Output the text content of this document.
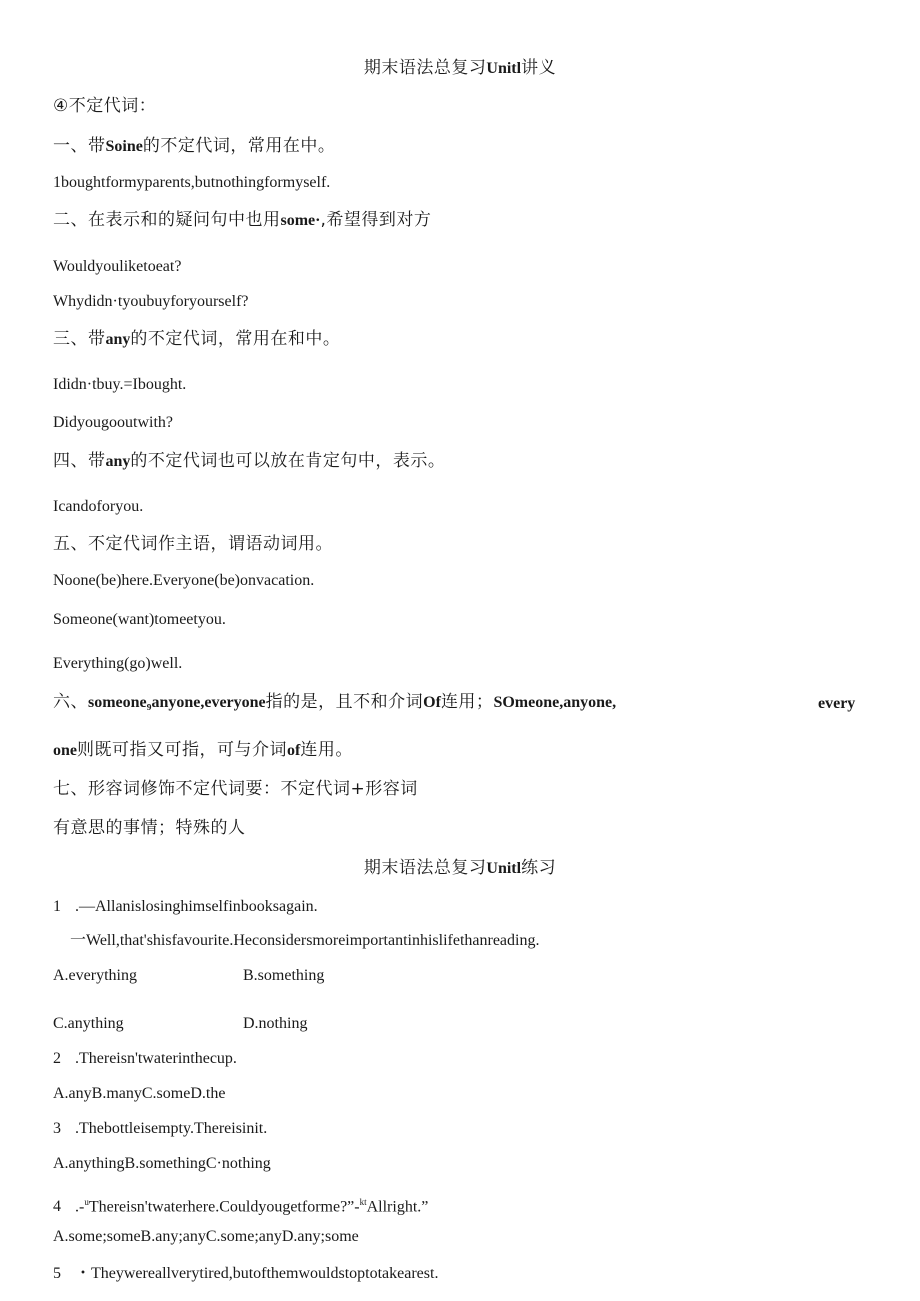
期末语法总复习Unitl讲义
④不定代词：
一、带Soine的不定代词，常用在中。
1boughtformyparents,butnothingformyself.
二、在表示和的疑问句中也用some·,希望得到对方
Wouldyouliketoeat?
Whydidn·tyoubuyforyourself?
三、带any的不定代词，常用在和中。
Ididn·tbuy.=Ibought.
Didyougooutwith?
四、带any的不定代词也可以放在肯定句中，表示。
Icandoforyou.
五、不定代词作主语，谓语动词用。
Noone(be)here.Everyone(be)onvacation.
Someone(want)tomeetyou.
Everything(go)well.
六、someone₉anyone,everyone指的是，且不和介词Of连用；SOmeone,anyone,	every
one则既可指又可指，可与介词of连用。
七、形容词修饰不定代词要：不定代词+形容词
有意思的事情；特殊的人
期末语法总复习Unitl练习
1 .—Allanislosinghimselfinbooksagain.
一Well,that'shisfavourite.Heconsidersmoreimportantinhislifethanreading.
A.everything	B.something
C.anything	D.nothing
2 .Thereisn'twaterinthecup.
A.anyB.manyC.someD.the
3 .Thebottleisempty.Thereisinit.
A.anythingB.somethingC·nothing
4 .-$^u$Thereisn'twaterhere.Couldyougetforme?”-$^{kt}$Allright.”
A.some;someB.any;anyC.some;anyD.any;some
5 ・Theywereallverytired,butofthemwouldstoptotakearest.
